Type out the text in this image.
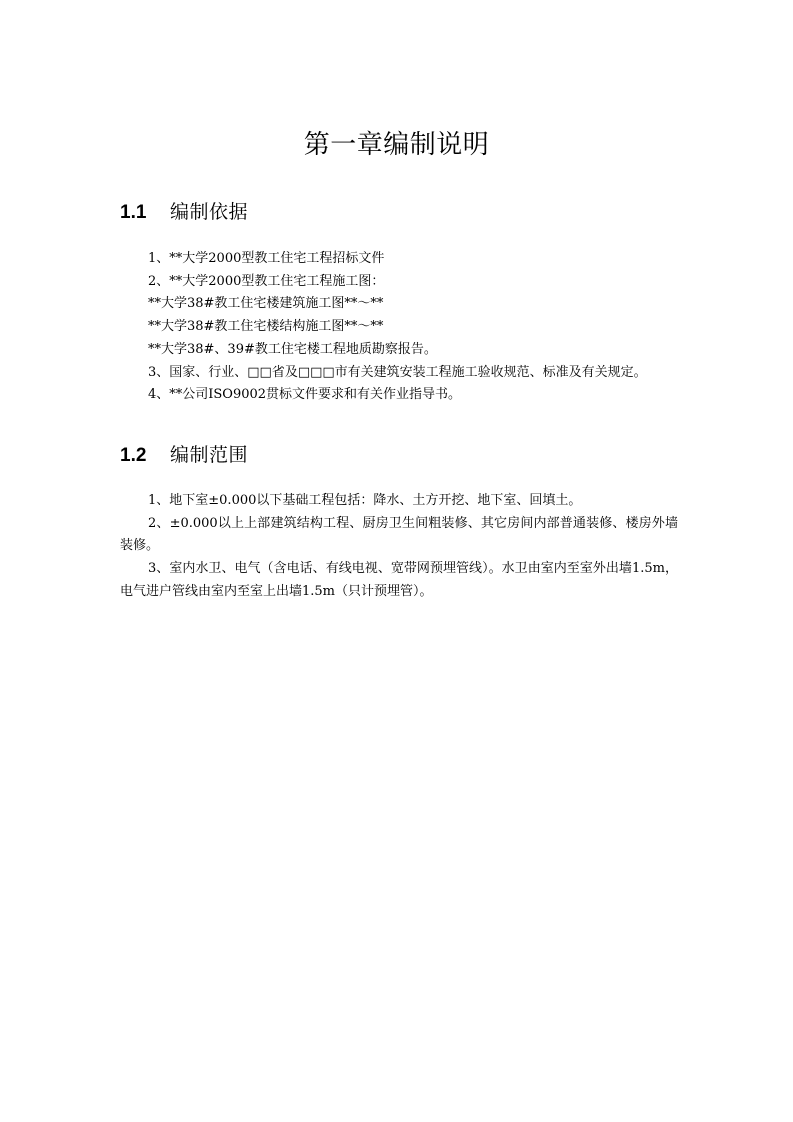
第一章编制说明
1.1 编制依据
1、**大学2000型教工住宅工程招标文件
2、**大学2000型教工住宅工程施工图：
**大学38#教工住宅楼建筑施工图**～**
**大学38#教工住宅楼结构施工图**～**
**大学38#、39#教工住宅楼工程地质勘察报告。
3、国家、行业、□□省及□□□市有关建筑安装工程施工验收规范、标准及有关规定。
4、**公司ISO9002贯标文件要求和有关作业指导书。
1.2 编制范围
1、地下室±0.000以下基础工程包括：降水、土方开挖、地下室、回填土。
2、±0.000以上上部建筑结构工程、厨房卫生间粗装修、其它房间内部普通装修、楼房外墙装修。
3、室内水卫、电气（含电话、有线电视、宽带网预埋管线）。水卫由室内至室外出墙1.5m，电气进户管线由室内至室上出墙1.5m（只计预埋管）。
